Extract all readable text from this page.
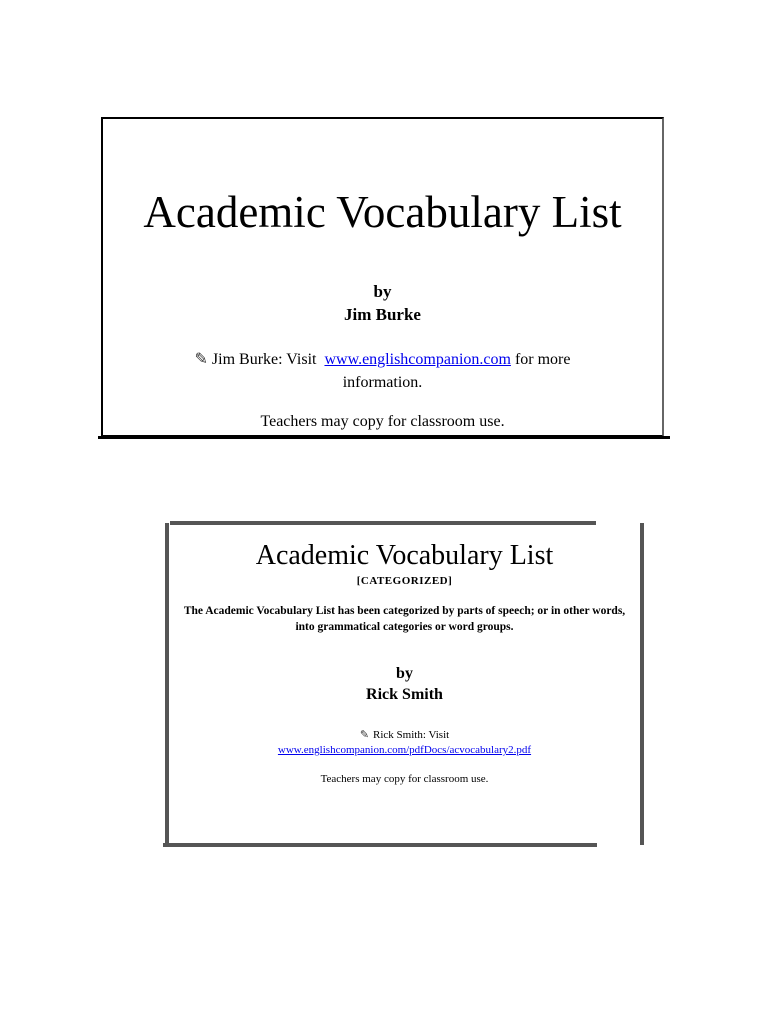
Academic Vocabulary List
by
Jim Burke
✎ Jim Burke: Visit www.englishcompanion.com for more information.
Teachers may copy for classroom use.
Academic Vocabulary List
[CATEGORIZED]
The Academic Vocabulary List has been categorized by parts of speech; or in other words, into grammatical categories or word groups.
by
Rick Smith
✎ Rick Smith: Visit
www.englishcompanion.com/pdfDocs/acvocabulary2.pdf
Teachers may copy for classroom use.
